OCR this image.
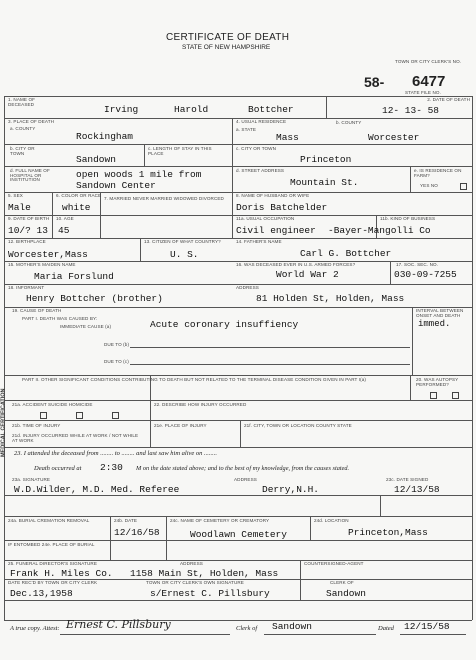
CERTIFICATE OF DEATH
STATE OF NEW HAMPSHIRE
TOWN OR CITY CLERK'S NO.
58- 6477
STATE FILE NO.
1. NAME OF DECEASED	Irving	Harold	Bottcher
2. DATE OF DEATH
12- 13- 58
3. PLACE OF DEATH
a. COUNTY
Rockingham
4. USUAL RESIDENCE
a. STATE
Mass
b. COUNTY
Worcester
b. CITY OR TOWN
Sandown
c. LENGTH OF STAY IN THIS PLACE
c. CITY OR TOWN
Princeton
d. FULL NAME OF HOSPITAL OR INSTITUTION	open woods 1 mile from
Sandown Center
d. STREET ADDRESS
Mountain St.
e. IS RESIDENCE ON FARM?
YES NO
5. SEX
Male
6. COLOR OR RACE
white
7. MARRIED NEVER MARRIED WIDOWED DIVORCED
8. NAME OF HUSBAND OR WIFE
Doris Batchelder
9. DATE OF BIRTH
10/? 13
10. AGE
45
11a. USUAL OCCUPATION
Civil engineer
11b. KIND OF BUSINESS
-Bayer-Mangolli Co
12. BIRTHPLACE
Worcester,Mass
13. CITIZEN OF WHAT COUNTRY?
U. S.
14. FATHER'S NAME
Carl G. Bottcher
15. MOTHER'S MAIDEN NAME
Maria Forslund
16. WAS DECEASED EVER IN U.S. ARMED FORCES?
World War 2
17. SOC. SEC. NO.
030-09-7255
18. INFORMANT
Henry Bottcher (brother)
ADDRESS
81 Holden St, Holden, Mass
MEDICAL CERTIFICATION
19. CAUSE OF DEATH
PART I. DEATH WAS CAUSED BY:
IMMEDIATE CAUSE (a)	Acute coronary insuffiency
DUE TO (b)
DUE TO (c)
INTERVAL BETWEEN ONSET AND DEATH
immed.
PART II. OTHER SIGNIFICANT CONDITIONS CONTRIBUTING TO DEATH BUT NOT RELATED TO THE TERMINAL DISEASE CONDITION GIVEN IN PART I(a)	20. WAS AUTOPSY PERFORMED?
21a. ACCIDENT SUICIDE HOMICIDE	22. DESCRIBE HOW INJURY OCCURRED
21b. TIME OF INJURY
21d. INJURY OCCURRED WHILE AT WORK / NOT WHILE AT WORK
21e. PLACE OF INJURY	21f. CITY, TOWN OR LOCATION COUNTY STATE
23. I attended the deceased from ........ to ........ and last saw him alive on ........
Death occurred at 2:30 M on the date stated above; and to the best of my knowledge, from the causes stated.
23a. SIGNATURE
W.D.Wilder, M.D. Med. Referee
ADDRESS
Derry,N.H.
23c. DATE SIGNED
12/13/58
24a. BURIAL CREMATION REMOVAL	24b. DATE
12/16/58
24c. NAME OF CEMETERY OR CREMATORY
Woodlawn Cemetery
24d. LOCATION
Princeton,Mass
IF ENTOMBED 24e. PLACE OF BURIAL
25. FUNERAL DIRECTOR'S SIGNATURE	ADDRESS	COUNTERSIGNED-AGENT
Frank H. Miles Co. 1158 Main St, Holden, Mass
DATE REC'D BY TOWN OR CITY CLERK	TOWN OR CITY CLERK'S OWN SIGNATURE	CLERK OF
Dec.13,1958	s/Ernest C. Pillsbury	Sandown
A true copy. Attest: Ernest C. Pillsbury	Clerk of Sandown	Dated 12/15/58
